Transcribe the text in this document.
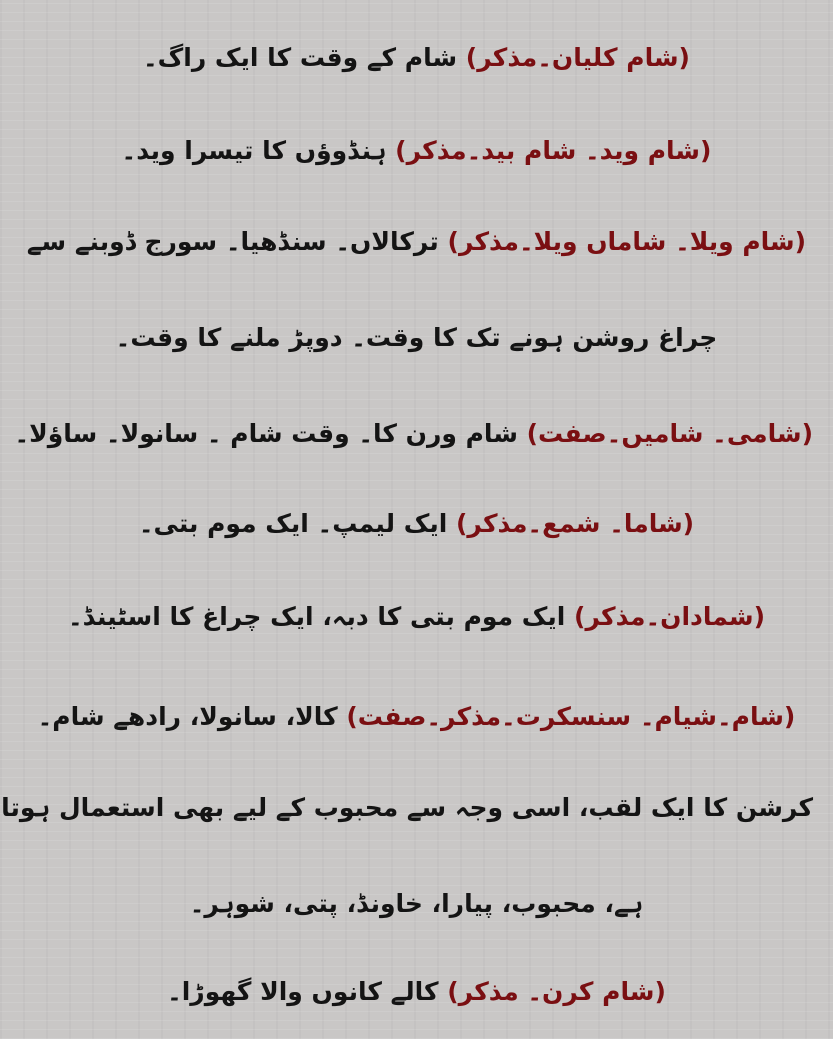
(شام کلیان۔مذکر) شام کے وقت کا ایک راگ۔
(شام وید۔ شام بید۔مذکر) ہنڈوؤں کا تیسرا وید۔
(شام ویلا۔ شاماں ویلا۔مذکر) ترکالاں۔ سنڈھیا۔ سورج ڈوبنے سے
چراغ روشن ہونے تک کا وقت۔ دوپڑ ملنے کا وقت۔
(شامی۔ شامیں۔صفت) شام ورن کا۔ وقت شام ۔ سانولا۔ ساؤلا۔
(شاما۔ شمع۔مذکر) ایک لیمپ۔ ایک موم بتی۔
(شمادان۔مذکر) ایک موم بتی کا دبہ، ایک چراغ کا اسٹینڈ۔
(شام۔شیام۔ سنسکرت۔مذکر۔صفت) کالا، سانولا، رادھے شام۔
کرشن کا ایک لقب، اسی وجہ سے محبوب کے لیے بھی استعمال ہوتا
ہے، محبوب، پیارا، خاونڈ، پتی، شوہر۔
(شام کرن۔ مذکر) کالے کانوں والا گھوڑا۔
